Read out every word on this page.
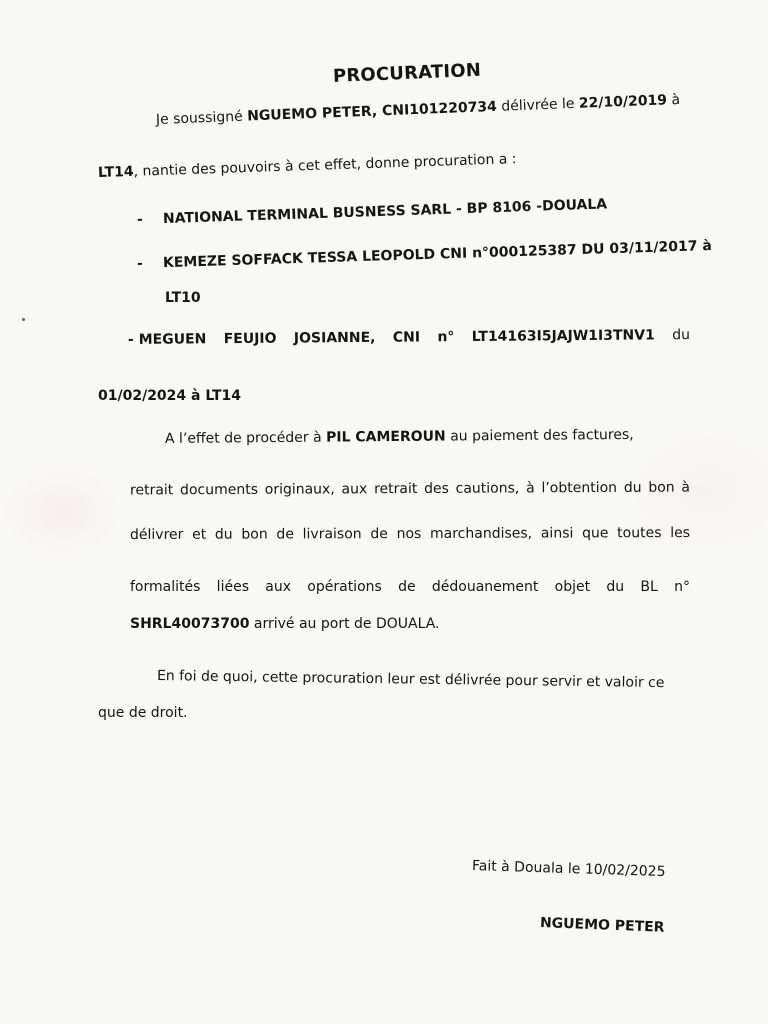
PROCURATION
Je soussigné NGUEMO PETER, CNI101220734 délivrée le 22/10/2019 à
LT14, nantie des pouvoirs à cet effet, donne procuration a :
- NATIONAL TERMINAL BUSNESS SARL - BP 8106 -DOUALA
- KEMEZE SOFFACK TESSA LEOPOLD CNI n°000125387 DU 03/11/2017 à
LT10
- MEGUEN FEUJIO JOSIANNE, CNI n° LT14163I5JAJW1I3TNV1 du
01/02/2024 à LT14
A l’effet de procéder à PIL CAMEROUN au paiement des factures,
retrait documents originaux, aux retrait des cautions, à l’obtention du bon à
délivrer et du bon de livraison de nos marchandises, ainsi que toutes les
formalités liées aux opérations de dédouanement objet du BL n°
SHRL40073700 arrivé au port de DOUALA.
En foi de quoi, cette procuration leur est délivrée pour servir et valoir ce
que de droit.
Fait à Douala le 10/02/2025
NGUEMO PETER
